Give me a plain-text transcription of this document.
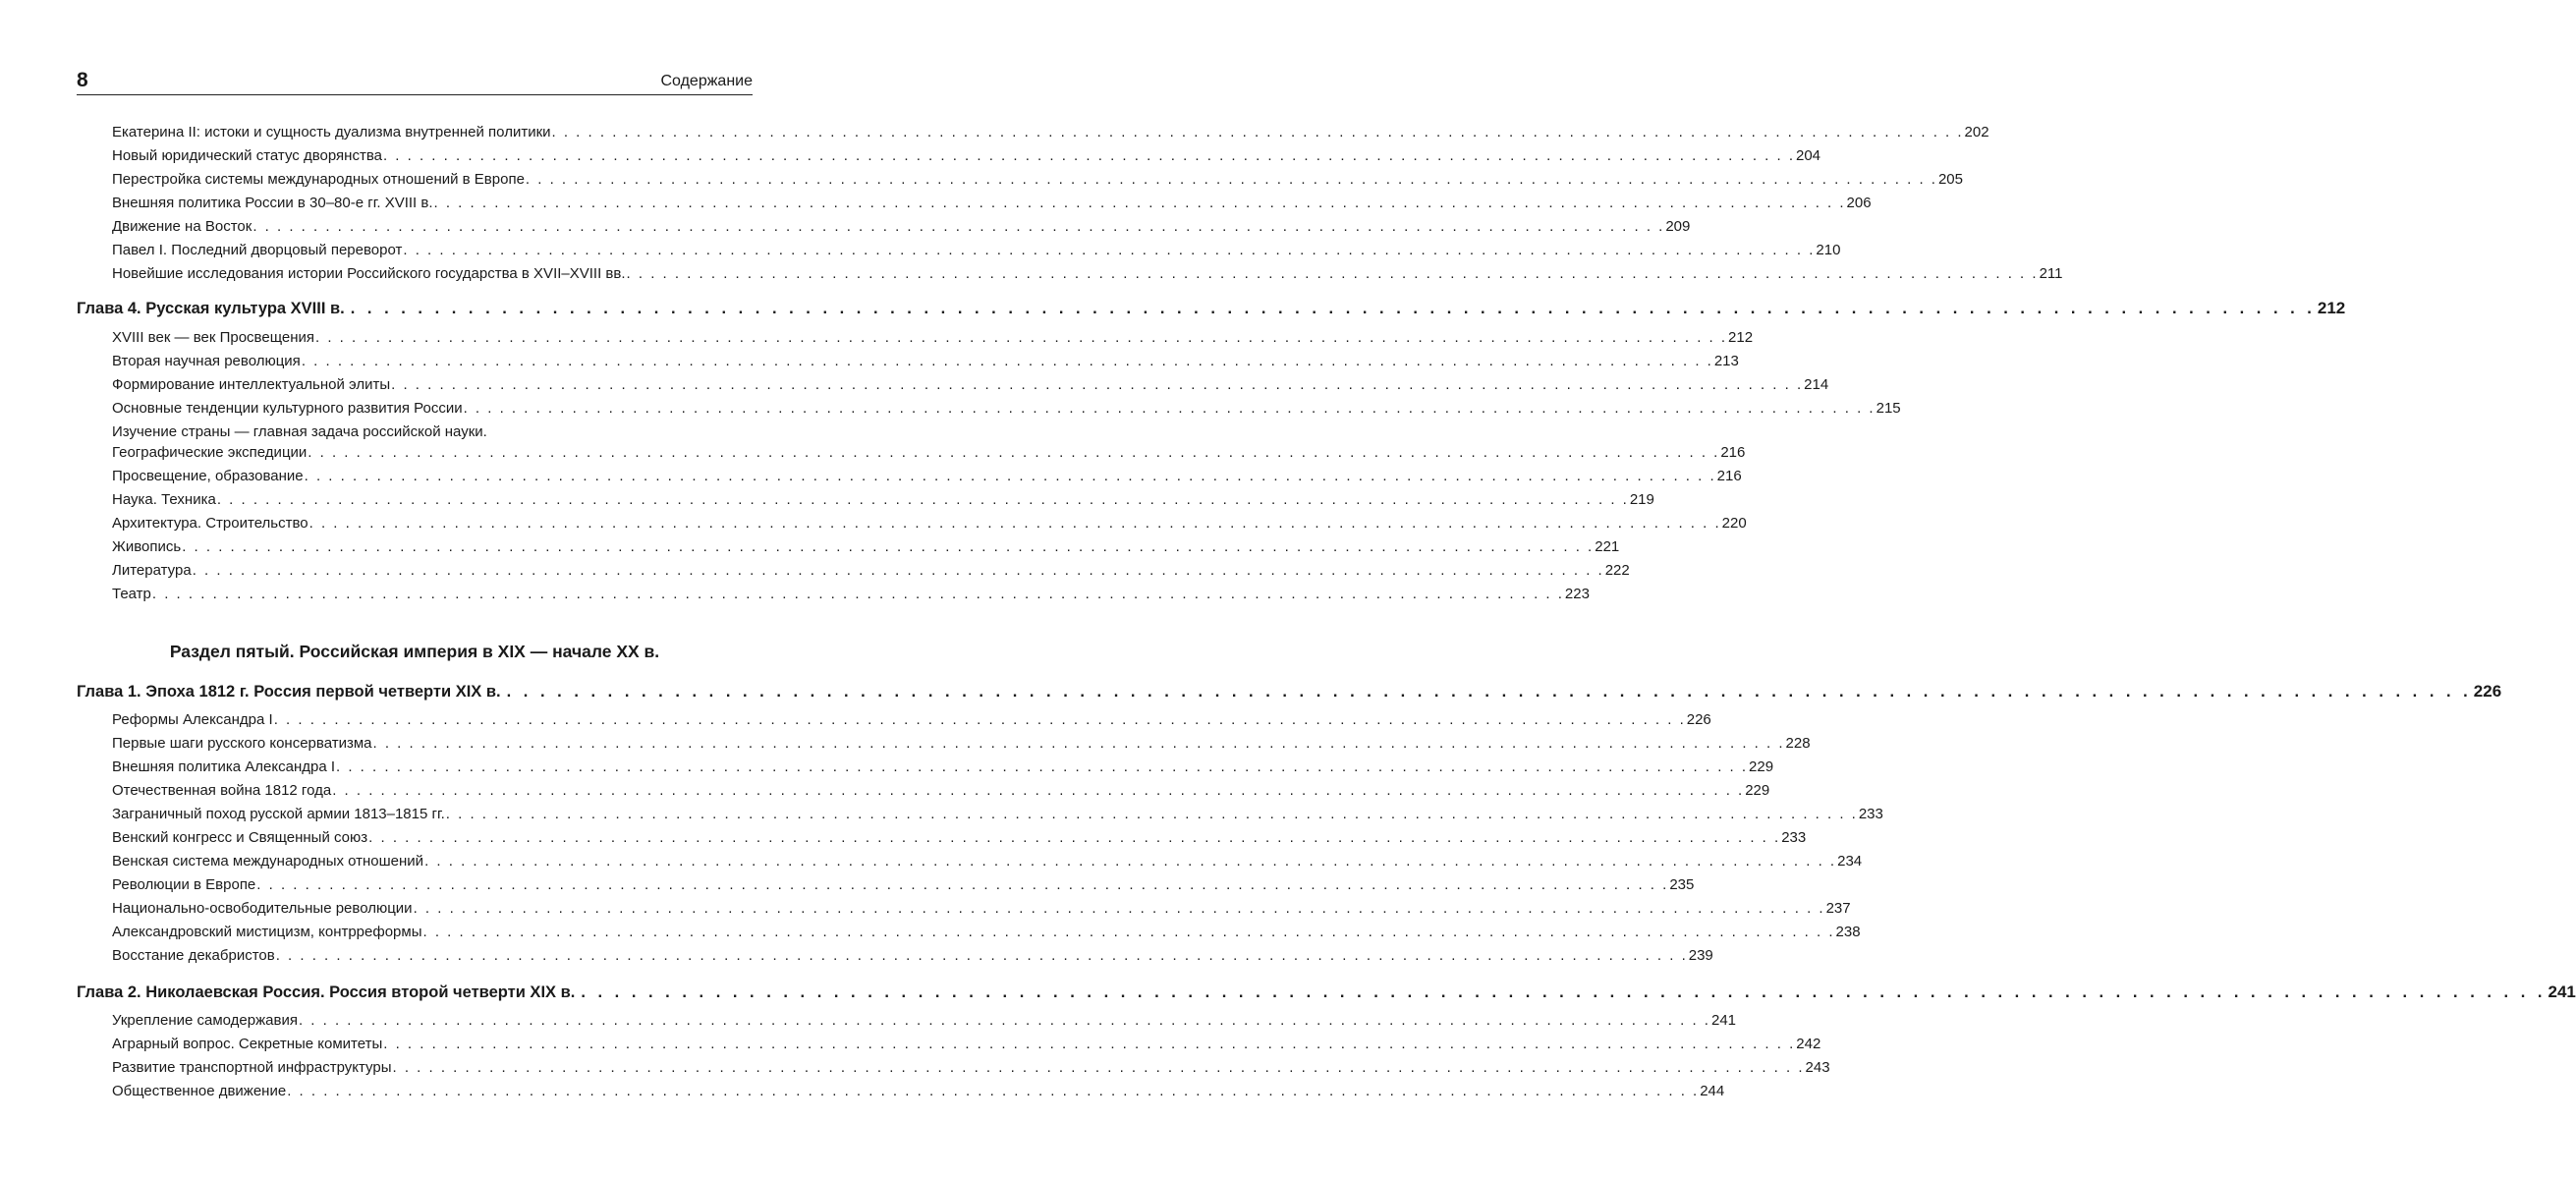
8	Содержание
Екатерина II: истоки и сущность дуализма внутренней политики . . . . . . . . . . . . . . . . . . . . . . . . . . . . . . . . . . . . . . . . . . . . . . . . . . . . . . . . . . . . . . . . . . . . . . . . . . . . . . . . . . . . . . . . . . . . . . . . . . . . . . . . . . . . . . . . . . . . . 202
Новый юридический статус дворянства . . . . . . . . . . . . . . . . . . . . . . . . . . . . . . . . . . . . . . . . . . . . . . . . . . . . . . . . . . . . . . . . . . . . . . . . . . . . . . . . . . . . . . . . . . . . . . . . . . . . . . . . . . . . . . . . . . . . . 204
Перестройка системы международных отношений в Европе . . . . . . . . . . . . . . . . . . . . . . . . . . . . . . . . . . . . . . . . . . . . . . . . . . . . . . . . . . . . . . . . . . . . . . . . . . . . . . . . . . . . . . . . . . . . . . . . . . . . . . . . . . . . . . . . . . . . . 205
Внешняя политика России в 30–80-е гг. XVIII в. . . . . . . . . . . . . . . . . . . . . . . . . . . . . . . . . . . . . . . . . . . . . . . . . . . . . . . . . . . . . . . . . . . . . . . . . . . . . . . . . . . . . . . . . . . . . . . . . . . . . . . . . . . . . . . . . . . . . . 206
Движение на Восток . . . . . . . . . . . . . . . . . . . . . . . . . . . . . . . . . . . . . . . . . . . . . . . . . . . . . . . . . . . . . . . . . . . . . . . . . . . . . . . . . . . . . . . . . . . . . . . . . . . . . . . . . . . . . . . . . . . . . 209
Павел I. Последний дворцовый переворот . . . . . . . . . . . . . . . . . . . . . . . . . . . . . . . . . . . . . . . . . . . . . . . . . . . . . . . . . . . . . . . . . . . . . . . . . . . . . . . . . . . . . . . . . . . . . . . . . . . . . . . . . . . . . . . . . . . . . 210
Новейшие исследования истории Российского государства в XVII–XVIII вв. . . . . . . . . . . . . . . . . . . . . . . . . . . . . . . . . . . . . . . . . . . . . . . . . . . . . . . . . . . . . . . . . . . . . . . . . . . . . . . . . . . . . . . . . . . . . . . . . . . . . . . . . . . . . . . . . . . . . . 211
Глава 4. Русская культура XVIII в. . . . . . . . . . . . . . . . . . . . . . . . . . . . . . . . . . . . . . . . . . . . . . . . . . . . . . . . . . . . . . . . . . . . . . . . . . . . . . . . . . . . . . . . . . . . . . . . . . . . . . . . . . . . . . . . . . . . . . 212
XVIII век — век Просвещения . . . . . . . . . . . . . . . . . . . . . . . . . . . . . . . . . . . . . . . . . . . . . . . . . . . . . . . . . . . . . . . . . . . . . . . . . . . . . . . . . . . . . . . . . . . . . . . . . . . . . . . . . . . . . . . . . . . . . 212
Вторая научная революция . . . . . . . . . . . . . . . . . . . . . . . . . . . . . . . . . . . . . . . . . . . . . . . . . . . . . . . . . . . . . . . . . . . . . . . . . . . . . . . . . . . . . . . . . . . . . . . . . . . . . . . . . . . . . . . . . . . . . 213
Формирование интеллектуальной элиты . . . . . . . . . . . . . . . . . . . . . . . . . . . . . . . . . . . . . . . . . . . . . . . . . . . . . . . . . . . . . . . . . . . . . . . . . . . . . . . . . . . . . . . . . . . . . . . . . . . . . . . . . . . . . . . . . . . . . 214
Основные тенденции культурного развития России . . . . . . . . . . . . . . . . . . . . . . . . . . . . . . . . . . . . . . . . . . . . . . . . . . . . . . . . . . . . . . . . . . . . . . . . . . . . . . . . . . . . . . . . . . . . . . . . . . . . . . . . . . . . . . . . . . . . . 215
Изучение страны — главная задача российской науки.
Географические экспедиции . . . . . . . . . . . . . . . . . . . . . . . . . . . . . . . . . . . . . . . . . . . . . . . . . . . . . . . . . . . . . . . . . . . . . . . . . . . . . . . . . . . . . . . . . . . . . . . . . . . . . . . . . . . . . . . . . . . . . 216
Просвещение, образование . . . . . . . . . . . . . . . . . . . . . . . . . . . . . . . . . . . . . . . . . . . . . . . . . . . . . . . . . . . . . . . . . . . . . . . . . . . . . . . . . . . . . . . . . . . . . . . . . . . . . . . . . . . . . . . . . . . . . 216
Наука. Техника . . . . . . . . . . . . . . . . . . . . . . . . . . . . . . . . . . . . . . . . . . . . . . . . . . . . . . . . . . . . . . . . . . . . . . . . . . . . . . . . . . . . . . . . . . . . . . . . . . . . . . . . . . . . . . . . . . . . . 219
Архитектура. Строительство . . . . . . . . . . . . . . . . . . . . . . . . . . . . . . . . . . . . . . . . . . . . . . . . . . . . . . . . . . . . . . . . . . . . . . . . . . . . . . . . . . . . . . . . . . . . . . . . . . . . . . . . . . . . . . . . . . . . . 220
Живопись . . . . . . . . . . . . . . . . . . . . . . . . . . . . . . . . . . . . . . . . . . . . . . . . . . . . . . . . . . . . . . . . . . . . . . . . . . . . . . . . . . . . . . . . . . . . . . . . . . . . . . . . . . . . . . . . . . . . . 221
Литература . . . . . . . . . . . . . . . . . . . . . . . . . . . . . . . . . . . . . . . . . . . . . . . . . . . . . . . . . . . . . . . . . . . . . . . . . . . . . . . . . . . . . . . . . . . . . . . . . . . . . . . . . . . . . . . . . . . . . 222
Театр . . . . . . . . . . . . . . . . . . . . . . . . . . . . . . . . . . . . . . . . . . . . . . . . . . . . . . . . . . . . . . . . . . . . . . . . . . . . . . . . . . . . . . . . . . . . . . . . . . . . . . . . . . . . . . . . . . . . . 223
Раздел пятый. Российская империя в XIX — начале XX в.
Глава 1. Эпоха 1812 г. Россия первой четверти XIX в. . . . . . . . . . . . . . . . . . . . . . . . . . . . . . . . . . . . . . . . . . . . . . . . . . . . . . . . . . . . . . . . . . . . . . . . . . . . . . . . . . . . . . . . . . . . . . . . . . . . . . . . . . . . . . . . . . . . . . 226
Реформы Александра I . . . . . . . . . . . . . . . . . . . . . . . . . . . . . . . . . . . . . . . . . . . . . . . . . . . . . . . . . . . . . . . . . . . . . . . . . . . . . . . . . . . . . . . . . . . . . . . . . . . . . . . . . . . . . . . . . . . . . 226
Первые шаги русского консерватизма . . . . . . . . . . . . . . . . . . . . . . . . . . . . . . . . . . . . . . . . . . . . . . . . . . . . . . . . . . . . . . . . . . . . . . . . . . . . . . . . . . . . . . . . . . . . . . . . . . . . . . . . . . . . . . . . . . . . . 228
Внешняя политика Александра I . . . . . . . . . . . . . . . . . . . . . . . . . . . . . . . . . . . . . . . . . . . . . . . . . . . . . . . . . . . . . . . . . . . . . . . . . . . . . . . . . . . . . . . . . . . . . . . . . . . . . . . . . . . . . . . . . . . . . 229
Отечественная война 1812 года . . . . . . . . . . . . . . . . . . . . . . . . . . . . . . . . . . . . . . . . . . . . . . . . . . . . . . . . . . . . . . . . . . . . . . . . . . . . . . . . . . . . . . . . . . . . . . . . . . . . . . . . . . . . . . . . . . . . . 229
Заграничный поход русской армии 1813–1815 гг. . . . . . . . . . . . . . . . . . . . . . . . . . . . . . . . . . . . . . . . . . . . . . . . . . . . . . . . . . . . . . . . . . . . . . . . . . . . . . . . . . . . . . . . . . . . . . . . . . . . . . . . . . . . . . . . . . . . . . 233
Венский конгресс и Священный союз . . . . . . . . . . . . . . . . . . . . . . . . . . . . . . . . . . . . . . . . . . . . . . . . . . . . . . . . . . . . . . . . . . . . . . . . . . . . . . . . . . . . . . . . . . . . . . . . . . . . . . . . . . . . . . . . . . . . . 233
Венская система международных отношений . . . . . . . . . . . . . . . . . . . . . . . . . . . . . . . . . . . . . . . . . . . . . . . . . . . . . . . . . . . . . . . . . . . . . . . . . . . . . . . . . . . . . . . . . . . . . . . . . . . . . . . . . . . . . . . . . . . . . 234
Революции в Европе . . . . . . . . . . . . . . . . . . . . . . . . . . . . . . . . . . . . . . . . . . . . . . . . . . . . . . . . . . . . . . . . . . . . . . . . . . . . . . . . . . . . . . . . . . . . . . . . . . . . . . . . . . . . . . . . . . . . . 235
Национально-освободительные революции . . . . . . . . . . . . . . . . . . . . . . . . . . . . . . . . . . . . . . . . . . . . . . . . . . . . . . . . . . . . . . . . . . . . . . . . . . . . . . . . . . . . . . . . . . . . . . . . . . . . . . . . . . . . . . . . . . . . . 237
Александровский мистицизм, контрреформы . . . . . . . . . . . . . . . . . . . . . . . . . . . . . . . . . . . . . . . . . . . . . . . . . . . . . . . . . . . . . . . . . . . . . . . . . . . . . . . . . . . . . . . . . . . . . . . . . . . . . . . . . . . . . . . . . . . . . 238
Восстание декабристов . . . . . . . . . . . . . . . . . . . . . . . . . . . . . . . . . . . . . . . . . . . . . . . . . . . . . . . . . . . . . . . . . . . . . . . . . . . . . . . . . . . . . . . . . . . . . . . . . . . . . . . . . . . . . . . . . . . . . 239
Глава 2. Николаевская Россия. Россия второй четверти XIX в. . . . . . . . . . . . . . . . . . . . . . . . . . . . . . . . . . . . . . . . . . . . . . . . . . . . . . . . . . . . . . . . . . . . . . . . . . . . . . . . . . . . . . . . . . . . . . . . . . . . . . . . . . . . . . . . . . . . . . 241
Укрепление самодержавия . . . . . . . . . . . . . . . . . . . . . . . . . . . . . . . . . . . . . . . . . . . . . . . . . . . . . . . . . . . . . . . . . . . . . . . . . . . . . . . . . . . . . . . . . . . . . . . . . . . . . . . . . . . . . . . . . . . . . 241
Аграрный вопрос. Секретные комитеты . . . . . . . . . . . . . . . . . . . . . . . . . . . . . . . . . . . . . . . . . . . . . . . . . . . . . . . . . . . . . . . . . . . . . . . . . . . . . . . . . . . . . . . . . . . . . . . . . . . . . . . . . . . . . . . . . . . . . 242
Развитие транспортной инфраструктуры . . . . . . . . . . . . . . . . . . . . . . . . . . . . . . . . . . . . . . . . . . . . . . . . . . . . . . . . . . . . . . . . . . . . . . . . . . . . . . . . . . . . . . . . . . . . . . . . . . . . . . . . . . . . . . . . . . . . . 243
Общественное движение . . . . . . . . . . . . . . . . . . . . . . . . . . . . . . . . . . . . . . . . . . . . . . . . . . . . . . . . . . . . . . . . . . . . . . . . . . . . . . . . . . . . . . . . . . . . . . . . . . . . . . . . . . . . . . . . . . . . . 244
